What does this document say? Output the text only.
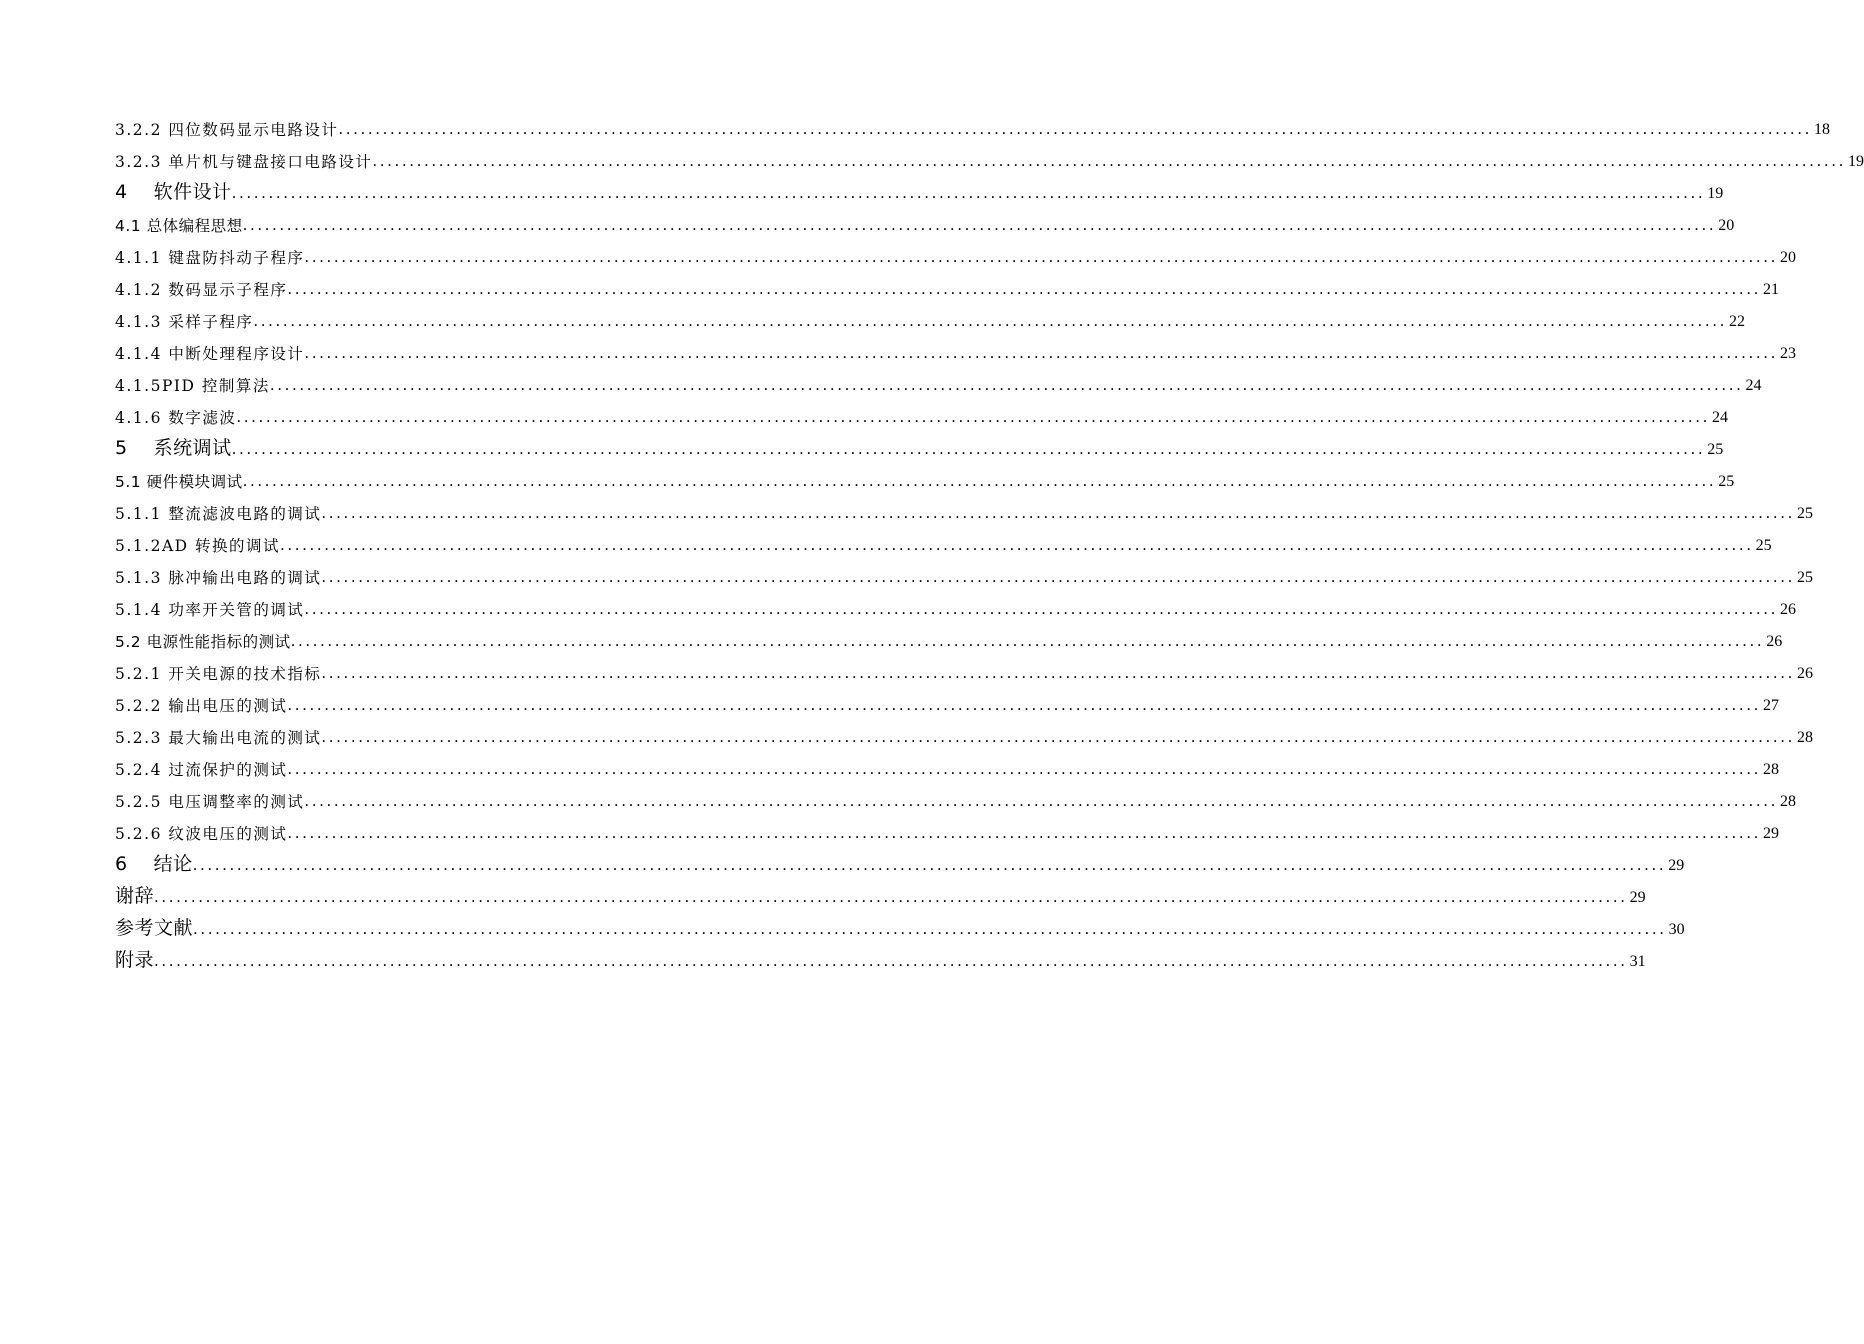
3.2.2 四位数码显示电路设计 ........................................................................................................................................................................................................ 18
3.2.3 单片机与键盘接口电路设计 ........................................................................................................................................................................................................ 19
4  软件设计 ........................................................................................................................................................................................................ 19
4.1 总体编程思想 ........................................................................................................................................................................................................ 20
4.1.1 键盘防抖动子程序 ........................................................................................................................................................................................................ 20
4.1.2 数码显示子程序 ........................................................................................................................................................................................................ 21
4.1.3 采样子程序 ........................................................................................................................................................................................................ 22
4.1.4 中断处理程序设计 ........................................................................................................................................................................................................ 23
4.1.5PID 控制算法 ........................................................................................................................................................................................................ 24
4.1.6 数字滤波 ........................................................................................................................................................................................................ 24
5  系统调试 ........................................................................................................................................................................................................ 25
5.1 硬件模块调试 ........................................................................................................................................................................................................ 25
5.1.1 整流滤波电路的调试 ........................................................................................................................................................................................................ 25
5.1.2AD 转换的调试 ........................................................................................................................................................................................................ 25
5.1.3 脉冲输出电路的调试 ........................................................................................................................................................................................................ 25
5.1.4 功率开关管的调试 ........................................................................................................................................................................................................ 26
5.2 电源性能指标的测试 ........................................................................................................................................................................................................ 26
5.2.1 开关电源的技术指标 ........................................................................................................................................................................................................ 26
5.2.2 输出电压的测试 ........................................................................................................................................................................................................ 27
5.2.3 最大输出电流的测试 ........................................................................................................................................................................................................ 28
5.2.4 过流保护的测试 ........................................................................................................................................................................................................ 28
5.2.5 电压调整率的测试 ........................................................................................................................................................................................................ 28
5.2.6 纹波电压的测试 ........................................................................................................................................................................................................ 29
6  结论 ........................................................................................................................................................................................................ 29
谢辞 ........................................................................................................................................................................................................ 29
参考文献 ........................................................................................................................................................................................................ 30
附录 ........................................................................................................................................................................................................ 31
